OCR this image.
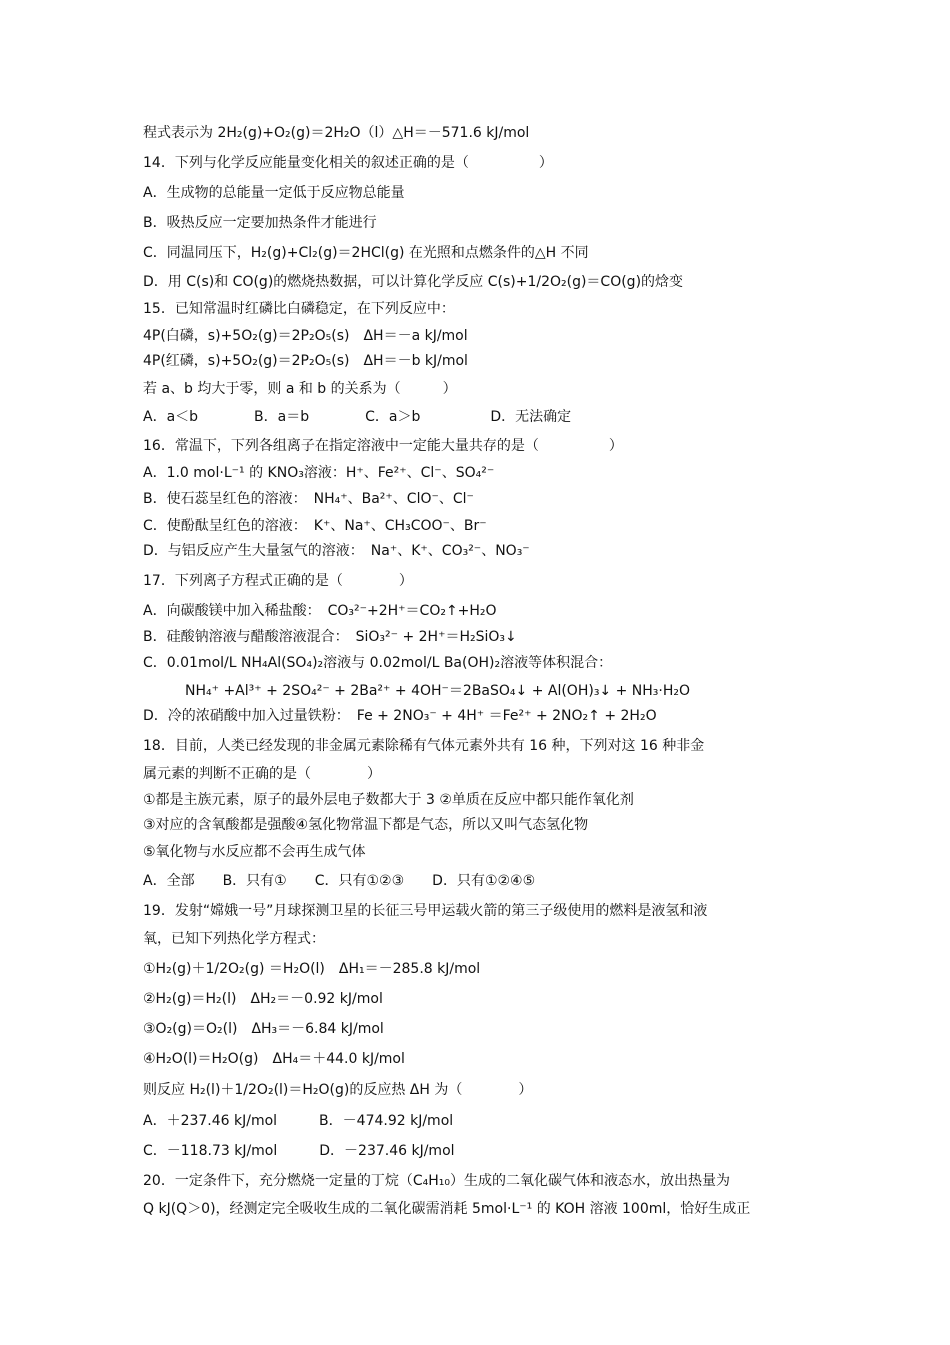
程式表示为 2H₂(g)+O₂(g)＝2H₂O（l）△H＝－571.6 kJ/mol
14．下列与化学反应能量变化相关的叙述正确的是（　　　　　）
A．生成物的总能量一定低于反应物总能量
B．吸热反应一定要加热条件才能进行
C．同温同压下，H₂(g)+Cl₂(g)＝2HCl(g) 在光照和点燃条件的△H 不同
D．用 C(s)和 CO(g)的燃烧热数据，可以计算化学反应 C(s)+1/2O₂(g)＝CO(g)的焓变
15．已知常温时红磷比白磷稳定，在下列反应中：
4P(白磷，s)+5O₂(g)＝2P₂O₅(s)　ΔH＝－a kJ/mol
4P(红磷，s)+5O₂(g)＝2P₂O₅(s)　ΔH＝－b kJ/mol
若 a、b 均大于零，则 a 和 b 的关系为（　　　）
A．a＜b　　　　B．a＝b　　　　C．a＞b　　　　　D．无法确定
16．常温下，下列各组离子在指定溶液中一定能大量共存的是（　　　　　）
A．1.0 mol·L⁻¹ 的 KNO₃溶液：H⁺、Fe²⁺、Cl⁻、SO₄²⁻
B．使石蕊呈红色的溶液：　NH₄⁺、Ba²⁺、ClO⁻、Cl⁻
C．使酚酞呈红色的溶液：　K⁺、Na⁺、CH₃COO⁻、Br⁻
D．与铝反应产生大量氢气的溶液：　Na⁺、K⁺、CO₃²⁻、NO₃⁻
17．下列离子方程式正确的是（　　　　）
A．向碳酸镁中加入稀盐酸：　CO₃²⁻+2H⁺＝CO₂↑+H₂O
B．硅酸钠溶液与醋酸溶液混合：　SiO₃²⁻ + 2H⁺＝H₂SiO₃↓
C．0.01mol/L NH₄Al(SO₄)₂溶液与 0.02mol/L Ba(OH)₂溶液等体积混合：
NH₄⁺ +Al³⁺ + 2SO₄²⁻ + 2Ba²⁺ + 4OH⁻＝2BaSO₄↓ + Al(OH)₃↓ + NH₃·H₂O
D．冷的浓硝酸中加入过量铁粉：　Fe + 2NO₃⁻ + 4H⁺ ＝Fe²⁺ + 2NO₂↑ + 2H₂O
18．目前，人类已经发现的非金属元素除稀有气体元素外共有 16 种，下列对这 16 种非金
属元素的判断不正确的是（　　　　）
①都是主族元素，原子的最外层电子数都大于 3 ②单质在反应中都只能作氧化剂
③对应的含氧酸都是强酸④氢化物常温下都是气态，所以又叫气态氢化物
⑤氧化物与水反应都不会再生成气体
A．全部　　B．只有①　　C．只有①②③　　D．只有①②④⑤
19．发射“嫦娥一号”月球探测卫星的长征三号甲运载火箭的第三子级使用的燃料是液氢和液
氧，已知下列热化学方程式：
①H₂(g)＋1/2O₂(g) ＝H₂O(l)　ΔH₁＝－285.8 kJ/mol
②H₂(g)＝H₂(l)　ΔH₂＝－0.92 kJ/mol
③O₂(g)＝O₂(l)　ΔH₃＝－6.84 kJ/mol
④H₂O(l)＝H₂O(g)　ΔH₄＝＋44.0 kJ/mol
则反应 H₂(l)＋1/2O₂(l)＝H₂O(g)的反应热 ΔH 为（　　　　）
A．＋237.46 kJ/mol　　　B．－474.92 kJ/mol
C．－118.73 kJ/mol　　　D．－237.46 kJ/mol
20．一定条件下，充分燃烧一定量的丁烷（C₄H₁₀）生成的二氧化碳气体和液态水，放出热量为
Q kJ(Q＞0)，经测定完全吸收生成的二氧化碳需消耗 5mol·L⁻¹ 的 KOH 溶液 100ml，恰好生成正
